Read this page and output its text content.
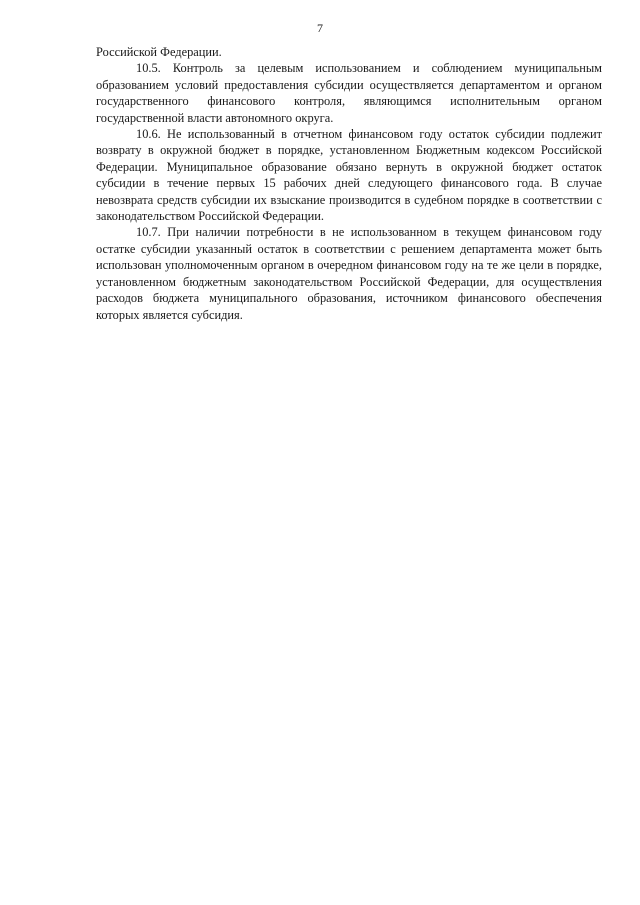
7

Российской Федерации.

10.5. Контроль за целевым использованием и соблюдением муниципальным образованием условий предоставления субсидии осуществляется департаментом и органом государственного финансового контроля, являющимся исполнительным органом государственной власти автономного округа.

10.6. Не использованный в отчетном финансовом году остаток субсидии подлежит возврату в окружной бюджет в порядке, установленном Бюджетным кодексом Российской Федерации. Муниципальное образование обязано вернуть в окружной бюджет остаток субсидии в течение первых 15 рабочих дней следующего финансового года. В случае невозврата средств субсидии их взыскание производится в судебном порядке в соответствии с законодательством Российской Федерации.

10.7. При наличии потребности в не использованном в текущем финансовом году остатке субсидии указанный остаток в соответствии с решением департамента может быть использован уполномоченным органом в очередном финансовом году на те же цели в порядке, установленном бюджетным законодательством Российской Федерации, для осуществления расходов бюджета муниципального образования, источником финансового обеспечения которых является субсидия.
